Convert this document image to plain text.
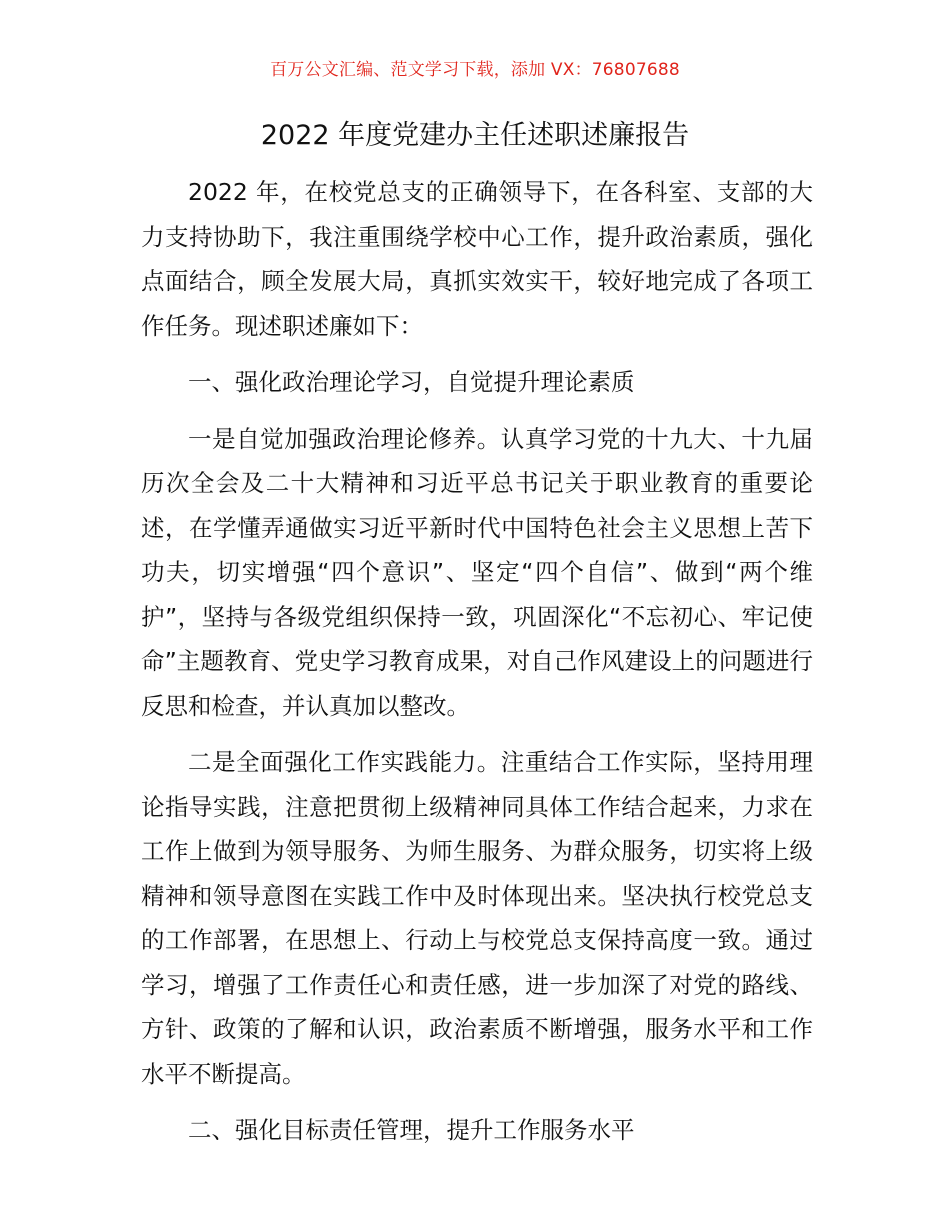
百万公文汇编、范文学习下载，添加 VX：76807688
2022 年度党建办主任述职述廉报告

2022 年，在校党总支的正确领导下，在各科室、支部的大力支持协助下，我注重围绕学校中心工作，提升政治素质，强化点面结合，顾全发展大局，真抓实效实干，较好地完成了各项工作任务。现述职述廉如下：

一、强化政治理论学习，自觉提升理论素质

一是自觉加强政治理论修养。认真学习党的十九大、十九届历次全会及二十大精神和习近平总书记关于职业教育的重要论述，在学懂弄通做实习近平新时代中国特色社会主义思想上苦下功夫，切实增强“四个意识”、坚定“四个自信”、做到“两个维护”，坚持与各级党组织保持一致，巩固深化“不忘初心、牢记使命”主题教育、党史学习教育成果，对自己作风建设上的问题进行反思和检查，并认真加以整改。

二是全面强化工作实践能力。注重结合工作实际，坚持用理论指导实践，注意把贯彻上级精神同具体工作结合起来，力求在工作上做到为领导服务、为师生服务、为群众服务，切实将上级精神和领导意图在实践工作中及时体现出来。坚决执行校党总支的工作部署，在思想上、行动上与校党总支保持高度一致。通过学习，增强了工作责任心和责任感，进一步加深了对党的路线、方针、政策的了解和认识，政治素质不断增强，服务水平和工作水平不断提高。

二、强化目标责任管理，提升工作服务水平
